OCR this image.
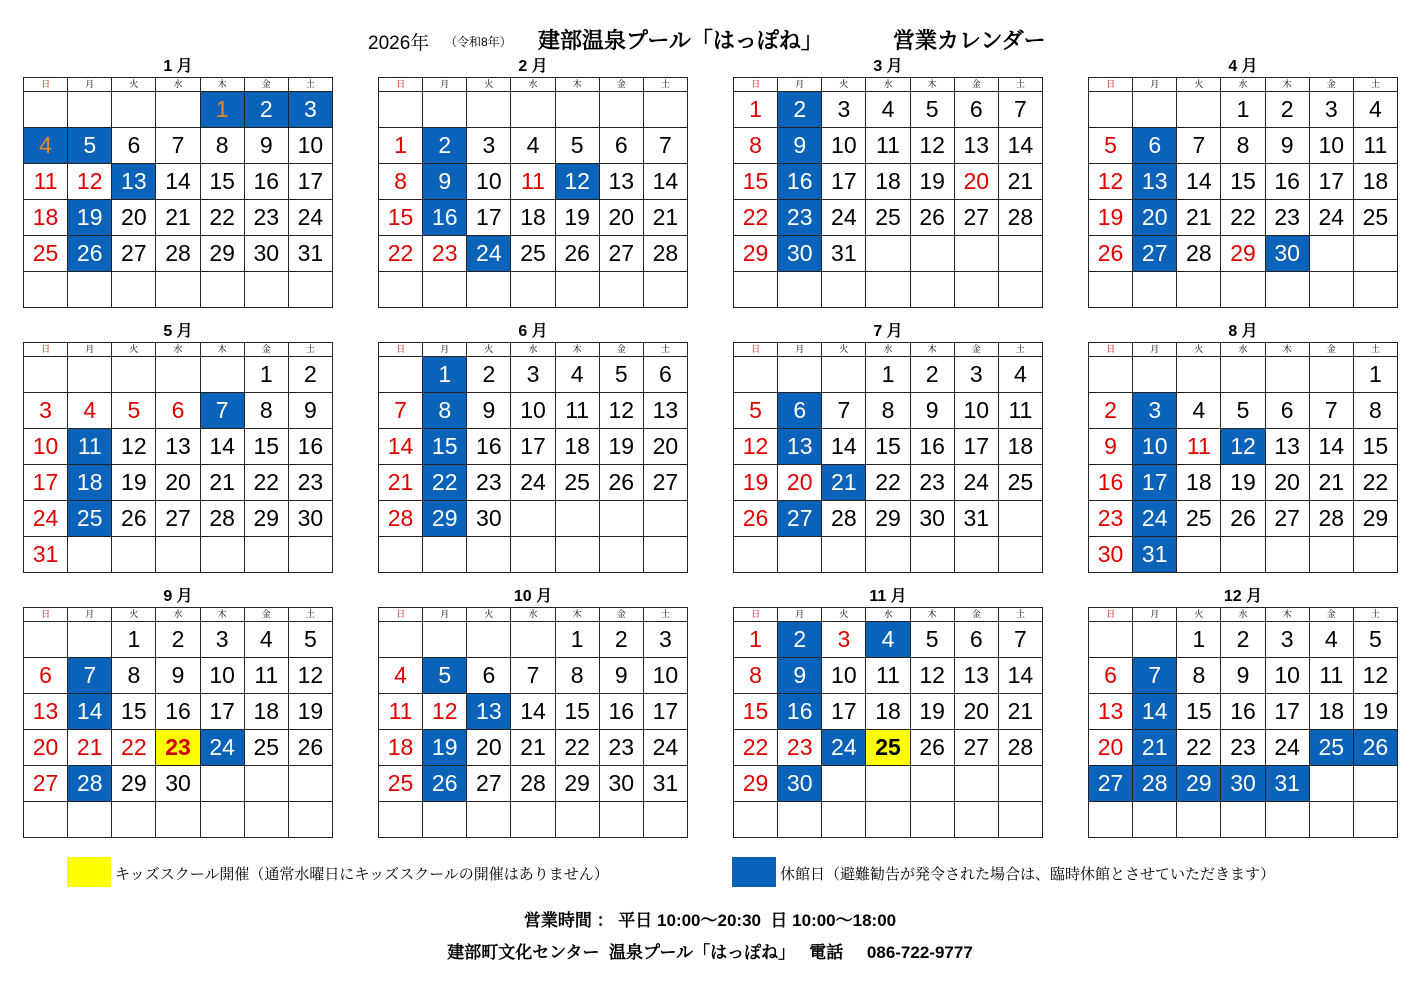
2026年 （令和8年） 建部温泉プール「はっぽね」	営業カレンダー
1 月
日	月	火	水	木	金	土
				1	2	3
4	5	6	7	8	9	10
11	12	13	14	15	16	17
18	19	20	21	22	23	24
25	26	27	28	29	30	31

2 月
日	月	火	水	木	金	土

1	2	3	4	5	6	7
8	9	10	11	12	13	14
15	16	17	18	19	20	21
22	23	24	25	26	27	28

3 月
日	月	火	水	木	金	土
1	2	3	4	5	6	7
8	9	10	11	12	13	14
15	16	17	18	19	20	21
22	23	24	25	26	27	28
29	30	31				

4 月
日	月	火	水	木	金	土
			1	2	3	4
5	6	7	8	9	10	11
12	13	14	15	16	17	18
19	20	21	22	23	24	25
26	27	28	29	30		

5 月
日	月	火	水	木	金	土
					1	2
3	4	5	6	7	8	9
10	11	12	13	14	15	16
17	18	19	20	21	22	23
24	25	26	27	28	29	30
31						
6 月
日	月	火	水	木	金	土
	1	2	3	4	5	6
7	8	9	10	11	12	13
14	15	16	17	18	19	20
21	22	23	24	25	26	27
28	29	30				

7 月
日	月	火	水	木	金	土
			1	2	3	4
5	6	7	8	9	10	11
12	13	14	15	16	17	18
19	20	21	22	23	24	25
26	27	28	29	30	31	

8 月
日	月	火	水	木	金	土
						1
2	3	4	5	6	7	8
9	10	11	12	13	14	15
16	17	18	19	20	21	22
23	24	25	26	27	28	29
30	31					
9 月
日	月	火	水	木	金	土
		1	2	3	4	5
6	7	8	9	10	11	12
13	14	15	16	17	18	19
20	21	22	23	24	25	26
27	28	29	30			

10 月
日	月	火	水	木	金	土
				1	2	3
4	5	6	7	8	9	10
11	12	13	14	15	16	17
18	19	20	21	22	23	24
25	26	27	28	29	30	31

11 月
日	月	火	水	木	金	土
1	2	3	4	5	6	7
8	9	10	11	12	13	14
15	16	17	18	19	20	21
22	23	24	25	26	27	28
29	30					

12 月
日	月	火	水	木	金	土
		1	2	3	4	5
6	7	8	9	10	11	12
13	14	15	16	17	18	19
20	21	22	23	24	25	26
27	28	29	30	31		

キッズスクール開催（通常水曜日にキッズスクールの開催はありません）	休館日（避難勧告が発令された場合は、臨時休館とさせていただきます）
営業時間 ： 平日 10:00～20:30  日 10:00～18:00
建部町文化センター  温泉プール「はっぽね」   電話     086-722-9777
